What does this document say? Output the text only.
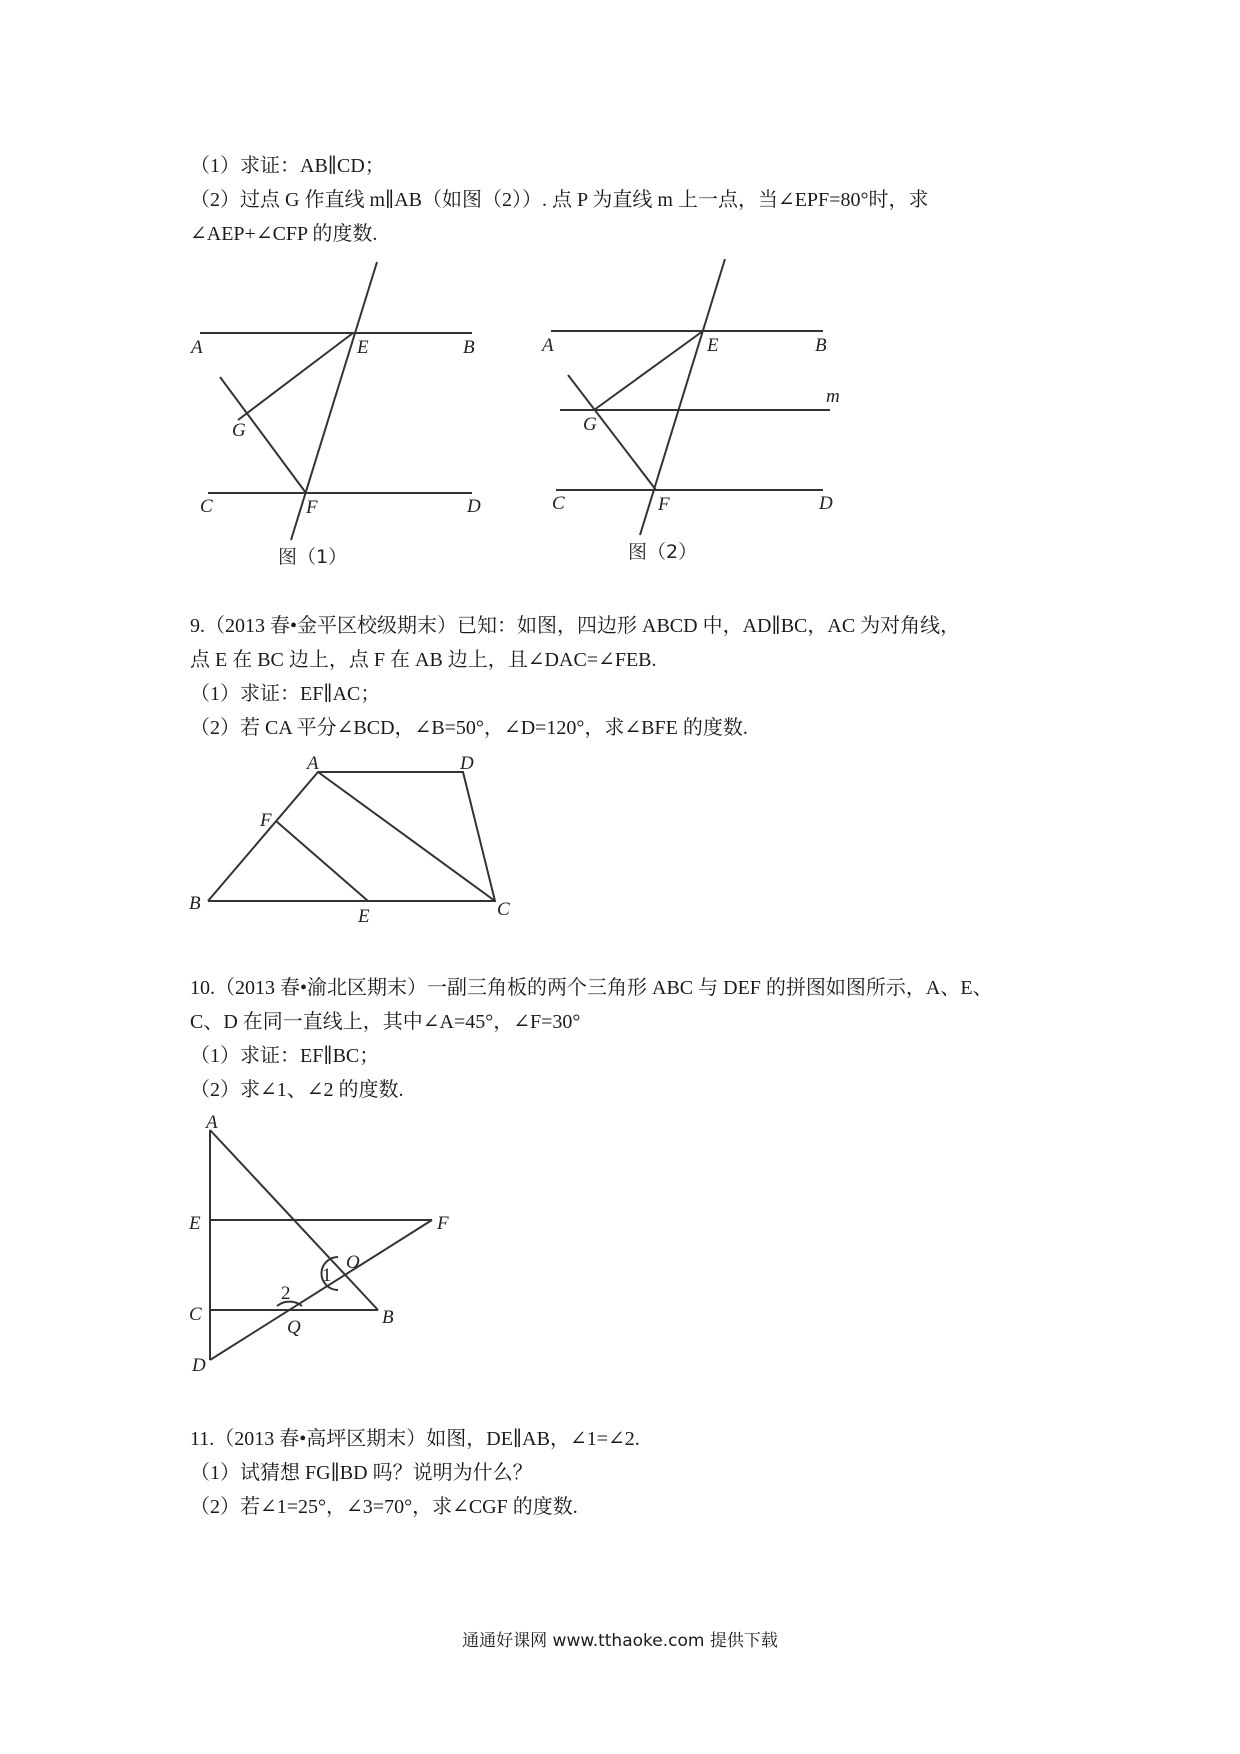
（1）求证：AB∥CD；
（2）过点 G 作直线 m∥AB（如图（2））. 点 P 为直线 m 上一点，当∠EPF=80°时，求
∠AEP+∠CFP 的度数.
A	E	B
G
C	F	D
图（1）
A	E	B
m
G
C	F	D
图（2）
9.（2013 春•金平区校级期末）已知：如图，四边形 ABCD 中，AD∥BC，AC 为对角线，
点 E 在 BC 边上，点 F 在 AB 边上，且∠DAC=∠FEB.
（1）求证：EF∥AC；
（2）若 CA 平分∠BCD，∠B=50°，∠D=120°，求∠BFE 的度数.
A	D
F
B
E	C
10.（2013 春•渝北区期末）一副三角板的两个三角形 ABC 与 DEF 的拼图如图所示，A、E、
C、D 在同一直线上，其中∠A=45°，∠F=30°
（1）求证：EF∥BC；
（2）求∠1、∠2 的度数.
A
E	F
O
1
2
C
Q	B
D
11.（2013 春•高坪区期末）如图，DE∥AB，∠1=∠2.
（1）试猜想 FG∥BD 吗？说明为什么？
（2）若∠1=25°，∠3=70°，求∠CGF 的度数.
通通好课网 www.tthaoke.com 提供下载
